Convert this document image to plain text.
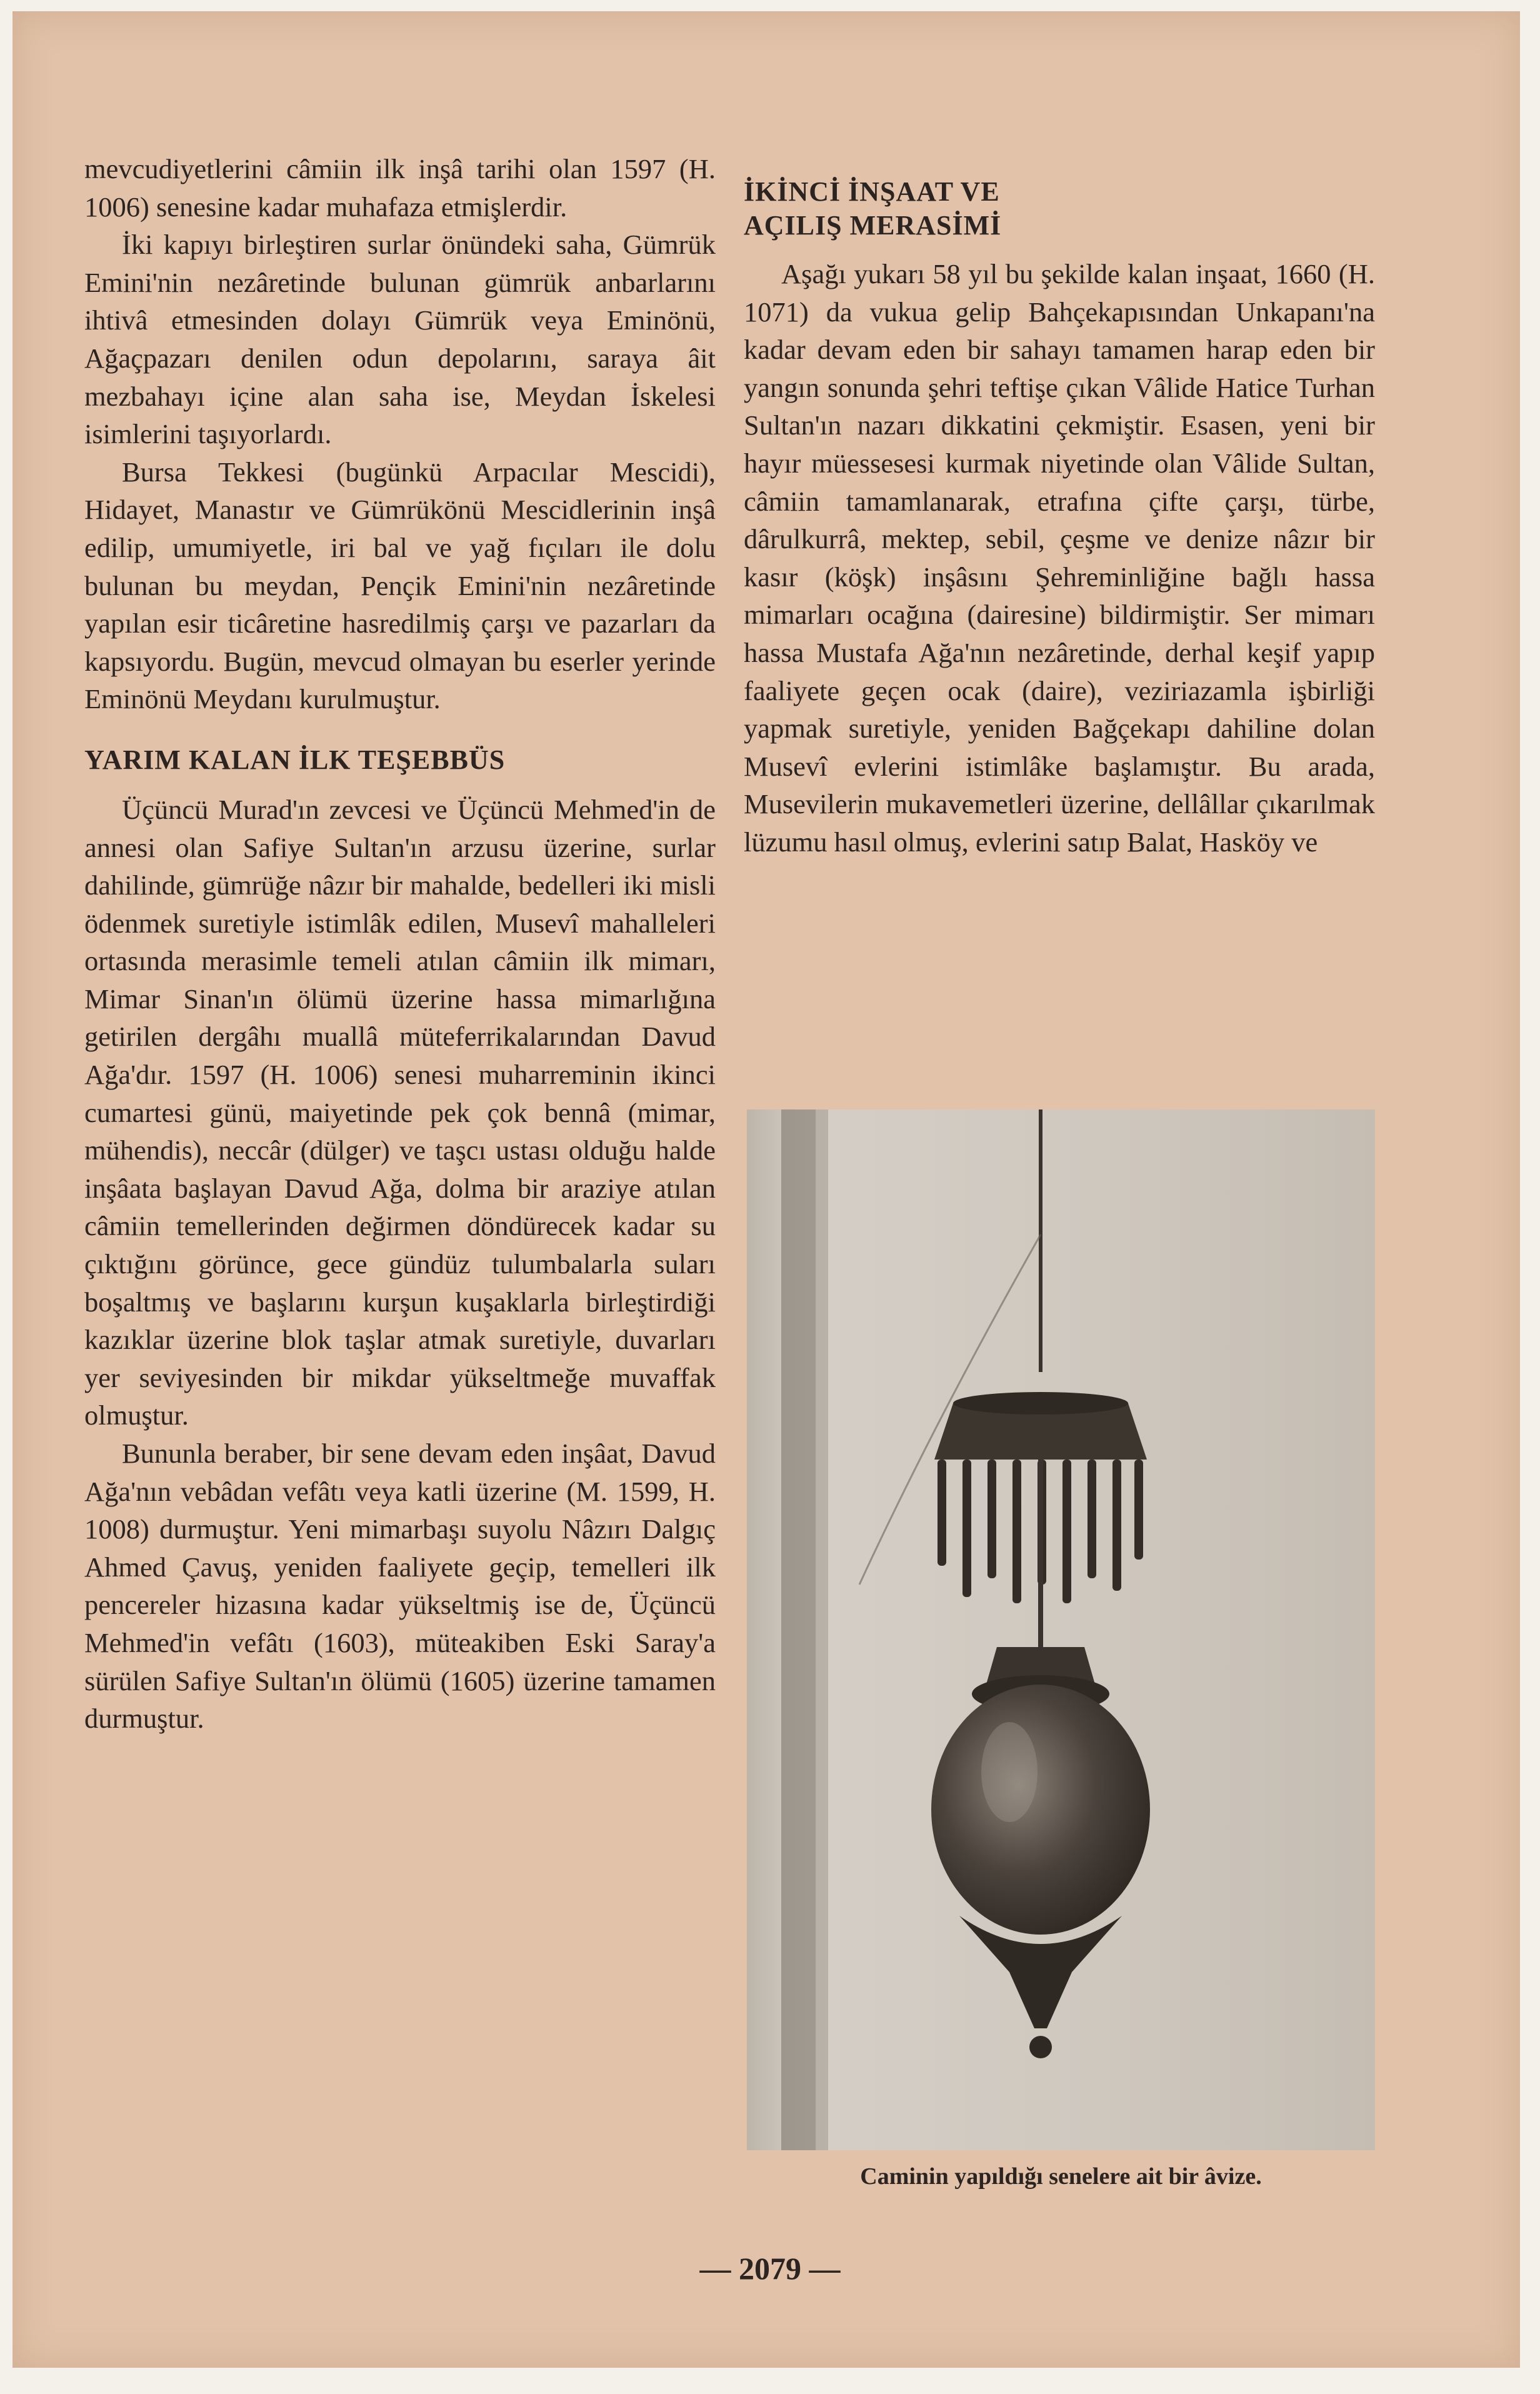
mevcudiyetlerini câmiin ilk inşâ tarihi olan 1597 (H. 1006) senesine kadar muhafaza etmişlerdir.

İki kapıyı birleştiren surlar önündeki saha, Gümrük Emini'nin nezâretinde bulunan gümrük anbarlarını ihtivâ etmesinden dolayı Gümrük veya Eminönü, Ağaçpazarı denilen odun depolarını, saraya âit mezbahayı içine alan saha ise, Meydan İskelesi isimlerini taşıyorlardı.

Bursa Tekkesi (bugünkü Arpacılar Mescidi), Hidayet, Manastır ve Gümrükönü Mescidlerinin inşâ edilip, umumiyetle, iri bal ve yağ fıçıları ile dolu bulunan bu meydan, Pençik Emini'nin nezâretinde yapılan esir ticâretine hasredilmiş çarşı ve pazarları da kapsıyordu. Bugün, mevcud olmayan bu eserler yerinde Eminönü Meydanı kurulmuştur.

YARIM KALAN İLK TEŞEBBÜS

Üçüncü Murad'ın zevcesi ve Üçüncü Mehmed'in de annesi olan Safiye Sultan'ın arzusu üzerine, surlar dahilinde, gümrüğe nâzır bir mahalde, bedelleri iki misli ödenmek suretiyle istimlâk edilen, Musevî mahalleleri ortasında merasimle temeli atılan câmiin ilk mimarı, Mimar Sinan'ın ölümü üzerine hassa mimarlığına getirilen dergâhı muallâ müteferrikalarından Davud Ağa'dır. 1597 (H. 1006) senesi muharreminin ikinci cumartesi günü, maiyetinde pek çok bennâ (mimar, mühendis), neccâr (dülger) ve taşcı ustası olduğu halde inşâata başlayan Davud Ağa, dolma bir araziye atılan câmiin temellerinden değirmen döndürecek kadar su çıktığını görünce, gece gündüz tulumbalarla suları boşaltmış ve başlarını kurşun kuşaklarla birleştirdiği kazıklar üzerine blok taşlar atmak suretiyle, duvarları yer seviyesinden bir mikdar yükseltmeğe muvaffak olmuştur.

Bununla beraber, bir sene devam eden inşâat, Davud Ağa'nın vebâdan vefâtı veya katli üzerine (M. 1599, H. 1008) durmuştur. Yeni mimarbaşı suyolu Nâzırı Dalgıç Ahmed Çavuş, yeniden faaliyete geçip, temelleri ilk pencereler hizasına kadar yükseltmiş ise de, Üçüncü Mehmed'in vefâtı (1603), müteakiben Eski Saray'a sürülen Safiye Sultan'ın ölümü (1605) üzerine tamamen durmuştur.

İKİNCİ İNŞAAT VE
AÇILIŞ MERASİMİ

Aşağı yukarı 58 yıl bu şekilde kalan inşaat, 1660 (H. 1071) da vukua gelip Bahçekapısından Unkapanı'na kadar devam eden bir sahayı tamamen harap eden bir yangın sonunda şehri teftişe çıkan Vâlide Hatice Turhan Sultan'ın nazarı dikkatini çekmiştir. Esasen, yeni bir hayır müessesesi kurmak niyetinde olan Vâlide Sultan, câmiin tamamlanarak, etrafına çifte çarşı, türbe, dârulkurrâ, mektep, sebil, çeşme ve denize nâzır bir kasır (köşk) inşâsını Şehreminliğine bağlı hassa mimarları ocağına (dairesine) bildirmiştir. Ser mimarı hassa Mustafa Ağa'nın nezâretinde, derhal keşif yapıp faaliyete geçen ocak (daire), veziriazamla işbirliği yapmak suretiyle, yeniden Bağçekapı dahiline dolan Musevî evlerini istimlâke başlamıştır. Bu arada, Musevilerin mukavemetleri üzerine, dellâllar çıkarılmak lüzumu hasıl olmuş, evlerini satıp Balat, Hasköy ve

Caminin yapıldığı senelere ait bir âvize.
— 2079 —
